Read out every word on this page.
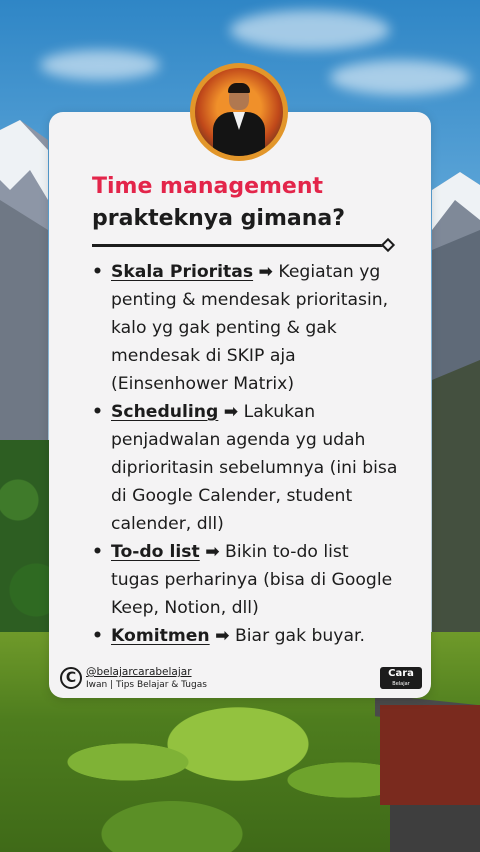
Time management
prakteknya gimana?
• Skala Prioritas ➡ Kegiatan yg penting & mendesak prioritasin, kalo yg gak penting & gak mendesak di SKIP aja (Einsenhower Matrix)
• Scheduling ➡ Lakukan penjadwalan agenda yg udah diprioritasin sebelumnya (ini bisa di Google Calender, student calender, dll)
• To-do list ➡ Bikin to-do list tugas perharinya (bisa di Google Keep, Notion, dll)
• Komitmen ➡ Biar gak buyar.
C @belajarcarabelajar
Iwan | Tips Belajar & Tugas
Cara
Belajar
